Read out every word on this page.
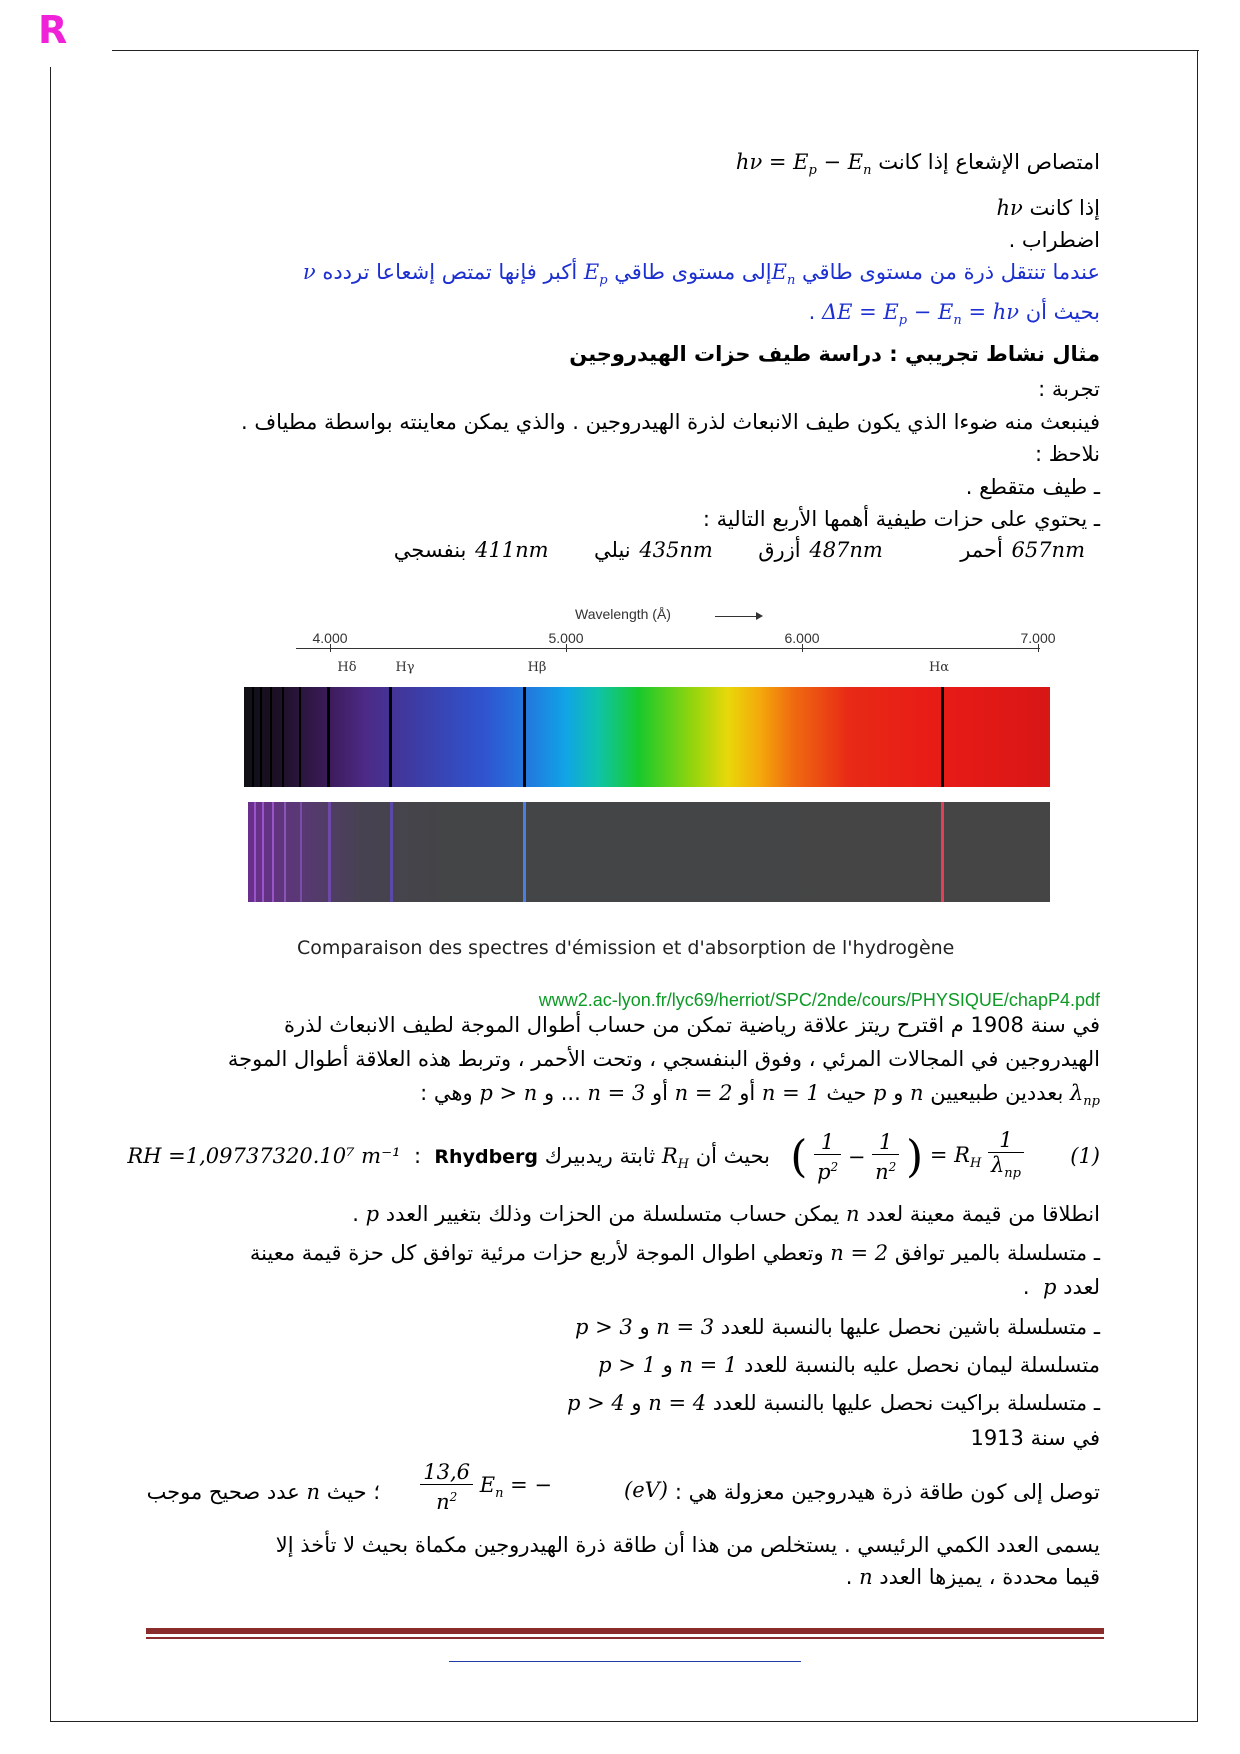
R
امتصاص الإشعاع إذا كانت $h\nu = E_p - E_n$
إذا كانت hν
اضطراب .
عندما تنتقل ذرة من مستوى طاقي $E_nإلى$ مستوى طاقي $E_p$ أكبر فإنها تمتص إشعاعا تردده  ν
بحيث أن $\Delta E = E_p - E_n = h\nu$ .
مثال نشاط تجريبي : دراسة طيف حزات الهيدروجين
تجربة :
فينبعث منه ضوءا الذي يكون طيف الانبعاث لذرة الهيدروجين . والذي يمكن معاينته بواسطة مطياف .
نلاحظ :
ـ طيف متقطع .
ـ يحتوي على حزات طيفية أهمها الأربع التالية :
657nm أحمر  487nm أزرق  435nm نيلي  411nm بنفسجي
Wavelength (Å)
4.000	5.000	6.000	7.000
Hδ	Hγ	Hβ	Hα
Comparaison des spectres d'émission et d'absorption de l'hydrogène
www2.ac-lyon.fr/lyc69/herriot/SPC/2nde/cours/PHYSIQUE/chapP4.pdf
في سنة 1908 م اقترح ريتز علاقة رياضية تمكن من حساب أطوال الموجة لطيف الانبعاث لذرة
الهيدروجين في المجالات المرئي ، وفوق البنفسجي ، وتحت الأحمر ، وتربط هذه العلاقة أطوال الموجة
$\lambda_{np}$ بعددين طبيعيين n و p حيث n = 1 أو n = 2 أو n = 3 ... و p > n وهي :
(1)
$\frac{1}{\lambda_{np}}$
= $R_H$ (
$\frac{1}{n^2}$
−
$\frac{1}{p^2}$
)
بحيث أن $R_H$ ثابتة ريدبيرك Rhydberg  :  RH =1,09737320.10⁷ m⁻¹
انطلاقا من قيمة معينة لعدد n يمكن حساب متسلسلة من الحزات وذلك بتغيير العدد p .
ـ متسلسلة بالمير توافق n = 2 وتعطي اطوال الموجة لأربع حزات مرئية توافق كل حزة قيمة معينة
لعدد p  .
ـ متسلسلة باشين نحصل عليها بالنسبة للعدد n = 3 و p > 3
متسلسلة ليمان نحصل عليه بالنسبة للعدد n = 1 و p > 1
ـ متسلسلة براكيت نحصل عليها بالنسبة للعدد n = 4 و p > 4
في سنة 1913
توصل إلى كون طاقة ذرة هيدروجين معزولة هي :
(eV)
$E_n$ = −
$\frac{13,6}{n^2}$
؛ حيث n عدد صحيح موجب
يسمى العدد الكمي الرئيسي . يستخلص من هذا أن طاقة ذرة الهيدروجين مكماة بحيث لا تأخذ إلا
قيما محددة ، يميزها العدد n .
